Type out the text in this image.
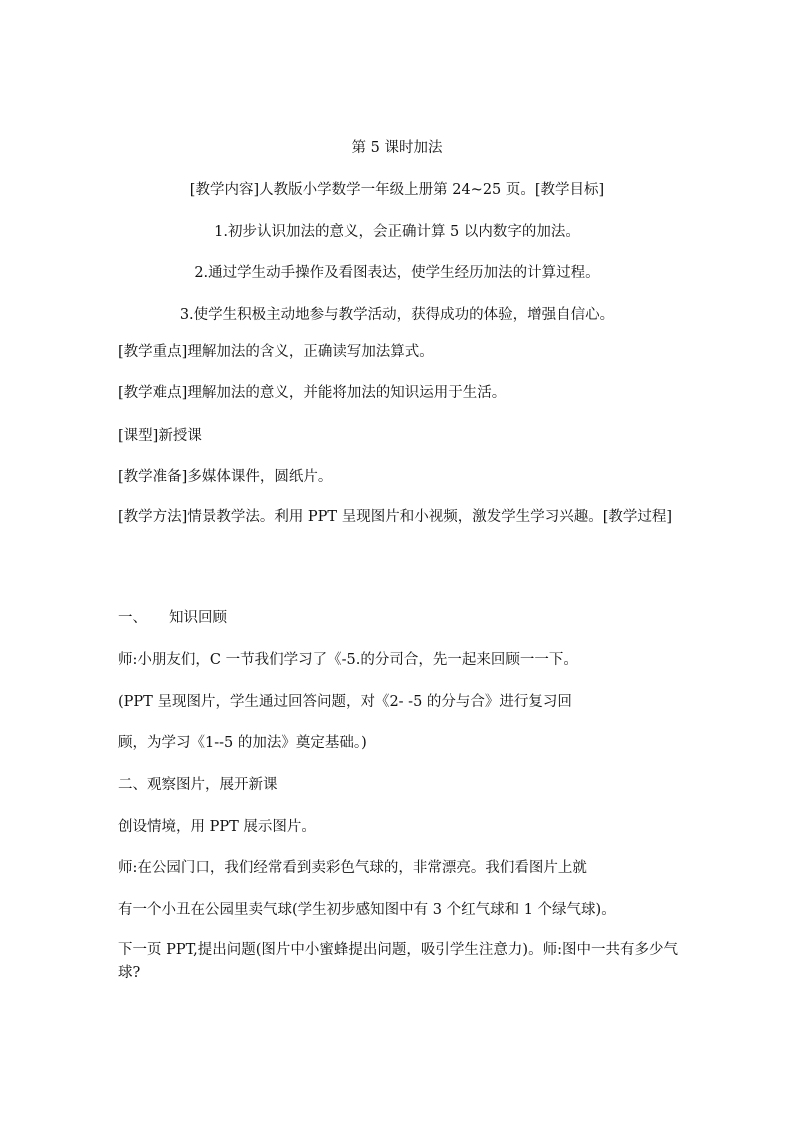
第 5 课时加法

[教学内容]人教版小学数学一年级上册第 24~25 页。[教学目标]

1.初步认识加法的意义，会正确计算 5 以内数字的加法。

2.通过学生动手操作及看图表达，使学生经历加法的计算过程。

3.使学生积极主动地参与教学活动，获得成功的体验，增强自信心。

[教学重点]理解加法的含义，正确读写加法算式。

[教学难点]理解加法的意义，并能将加法的知识运用于生活。

[课型]新授课

[教学准备]多媒体课件，圆纸片。

[教学方法]情景教学法。利用 PPT 呈现图片和小视频，激发学生学习兴趣。[教学过程]

一、 知识回顾

师:小朋友们，C 一节我们学习了《-5.的分司合，先一起来回顾一一下。

(PPT 呈现图片，学生通过回答问题，对《2- -5 的分与合》进行复习回

顾，为学习《1--5 的加法》奠定基础。)

二、观察图片，展开新课

创设情境，用 PPT 展示图片。

师:在公园门口，我们经常看到卖彩色气球的，非常漂亮。我们看图片上就

有一个小丑在公园里卖气球(学生初步感知图中有 3 个红气球和 1 个绿气球)。

下一页 PPT,提出问题(图片中小蜜蜂提出问题，吸引学生注意力)。师:图中一共有多少气球?
